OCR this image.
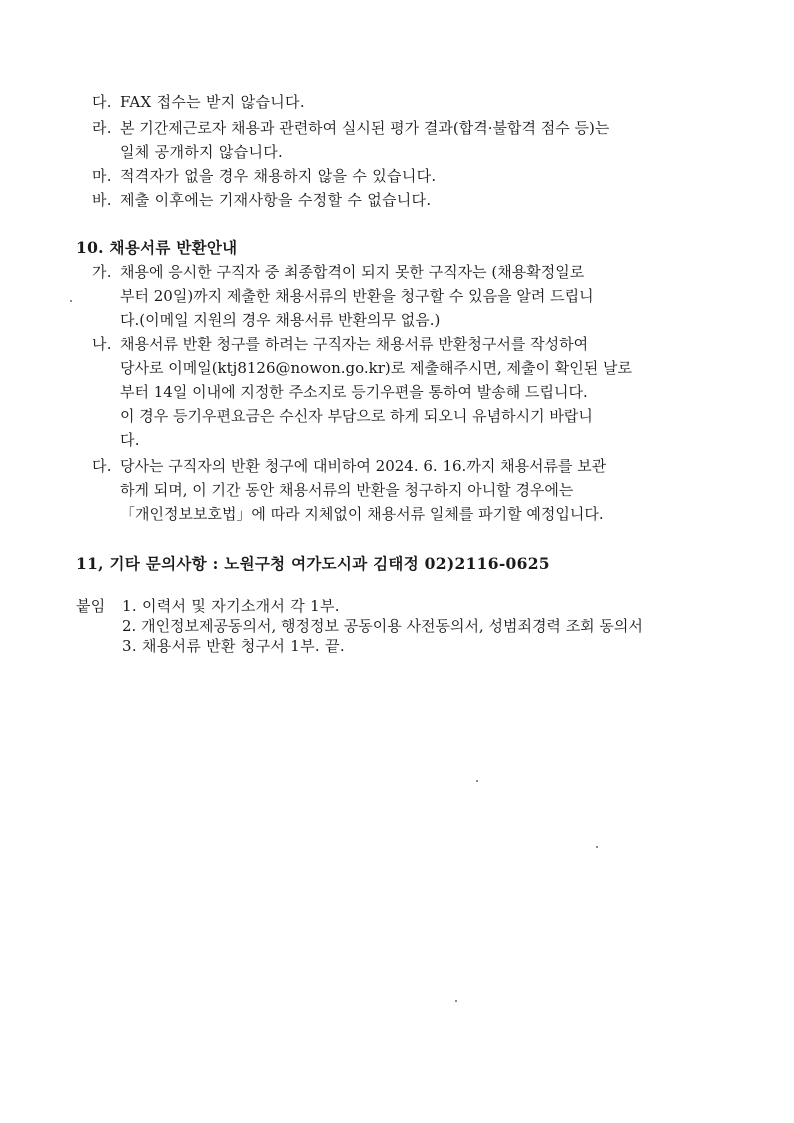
다. FAX 접수는 받지 않습니다.
라. 본 기간제근로자 채용과 관련하여 실시된 평가 결과(합격·불합격 점수 등)는
일체 공개하지 않습니다.
마. 적격자가 없을 경우 채용하지 않을 수 있습니다.
바. 제출 이후에는 기재사항을 수정할 수 없습니다.
10. 채용서류 반환안내
가. 채용에 응시한 구직자 중 최종합격이 되지 못한 구직자는 (채용확정일로
부터 20일)까지 제출한 채용서류의 반환을 청구할 수 있음을 알려 드립니
다.(이메일 지원의 경우 채용서류 반환의무 없음.)
나. 채용서류 반환 청구를 하려는 구직자는 채용서류 반환청구서를 작성하여
당사로 이메일(ktj8126@nowon.go.kr)로 제출해주시면, 제출이 확인된 날로
부터 14일 이내에 지정한 주소지로 등기우편을 통하여 발송해 드립니다.
이 경우 등기우편요금은 수신자 부담으로 하게 되오니 유념하시기 바랍니
다.
다. 당사는 구직자의 반환 청구에 대비하여 2024. 6. 16.까지 채용서류를 보관
하게 되며, 이 기간 동안 채용서류의 반환을 청구하지 아니할 경우에는
「개인정보보호법」에 따라 지체없이 채용서류 일체를 파기할 예정입니다.
11, 기타 문의사항 : 노원구청 여가도시과 김태정 02)2116-0625
붙임 1. 이력서 및 자기소개서 각 1부.
2. 개인정보제공동의서, 행정정보 공동이용 사전동의서, 성범죄경력 조회 동의서
3. 채용서류 반환 청구서 1부. 끝.
